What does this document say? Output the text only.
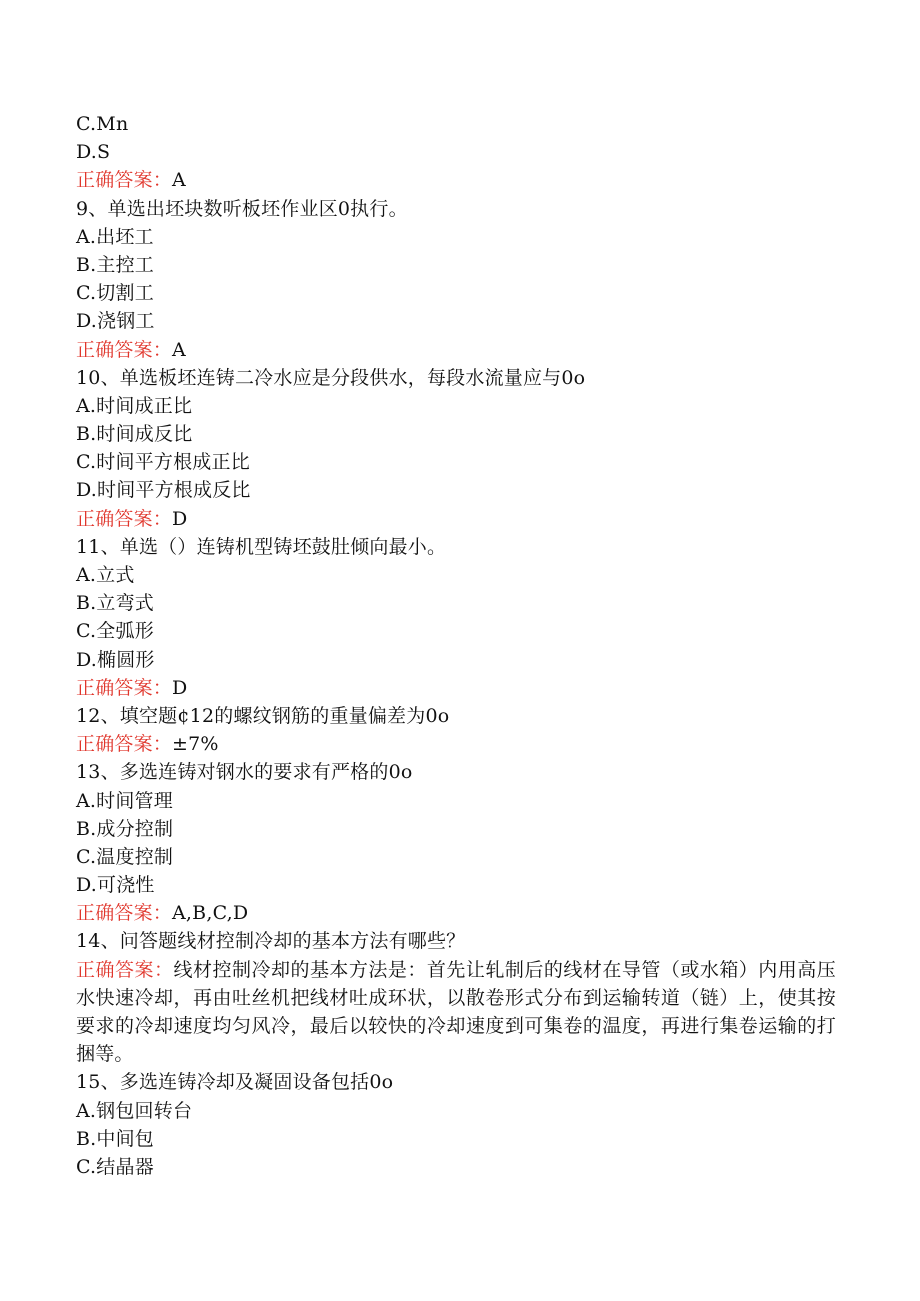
C.Mn
D.S
正确答案：A
9、单选出坯块数听板坯作业区0执行。
A.出坯工
B.主控工
C.切割工
D.浇钢工
正确答案：A
10、单选板坯连铸二冷水应是分段供水，每段水流量应与0o
A.时间成正比
B.时间成反比
C.时间平方根成正比
D.时间平方根成反比
正确答案：D
11、单选（）连铸机型铸坯鼓肚倾向最小。
A.立式
B.立弯式
C.全弧形
D.椭圆形
正确答案：D
12、填空题¢12的螺纹钢筋的重量偏差为0o
正确答案：±7%
13、多选连铸对钢水的要求有严格的0o
A.时间管理
B.成分控制
C.温度控制
D.可浇性
正确答案：A,B,C,D
14、问答题线材控制冷却的基本方法有哪些？
正确答案：线材控制冷却的基本方法是：首先让轧制后的线材在导管（或水箱）内用高压水快速冷却，再由吐丝机把线材吐成环状，以散卷形式分布到运输转道（链）上，使其按要求的冷却速度均匀风冷，最后以较快的冷却速度到可集卷的温度，再进行集卷运输的打捆等。
15、多选连铸冷却及凝固设备包括0o
A.钢包回转台
B.中间包
C.结晶器
